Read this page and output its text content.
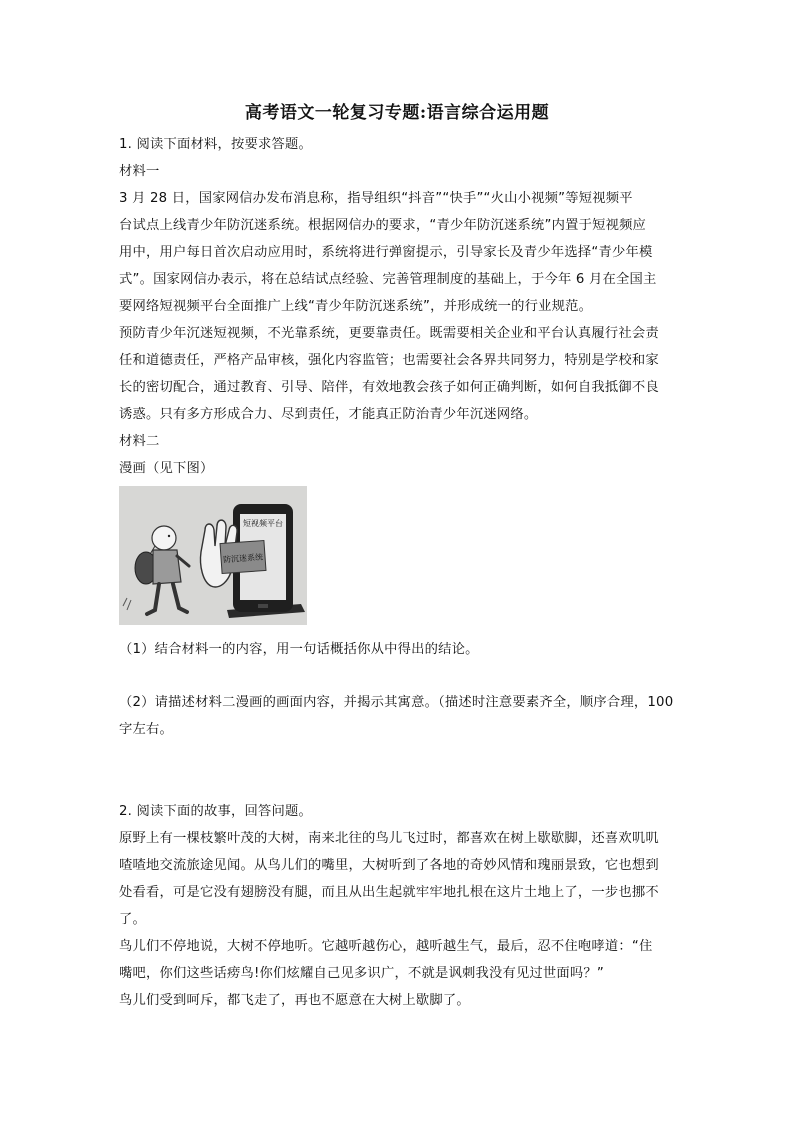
高考语文一轮复习专题:语言综合运用题
1. 阅读下面材料，按要求答题。
材料一
3 月 28 日，国家网信办发布消息称，指导组织“抖音”“快手”“火山小视频”等短视频平
台试点上线青少年防沉迷系统。根据网信办的要求，“青少年防沉迷系统”内置于短视频应
用中，用户每日首次启动应用时，系统将进行弹窗提示，引导家长及青少年选择“青少年模
式”。国家网信办表示，将在总结试点经验、完善管理制度的基础上，于今年 6 月在全国主
要网络短视频平台全面推广上线“青少年防沉迷系统”，并形成统一的行业规范。
预防青少年沉迷短视频，不光靠系统，更要靠责任。既需要相关企业和平台认真履行社会责
任和道德责任，严格产品审核，强化内容监管；也需要社会各界共同努力，特别是学校和家
长的密切配合，通过教育、引导、陪伴，有效地教会孩子如何正确判断，如何自我抵御不良
诱惑。只有多方形成合力、尽到责任，才能真正防治青少年沉迷网络。
材料二
漫画（见下图）
短视频平台
防沉迷系统
（1）结合材料一的内容，用一句话概括你从中得出的结论。
（2）请描述材料二漫画的画面内容，并揭示其寓意。（描述时注意要素齐全，顺序合理，100
字左右。
2. 阅读下面的故事，回答问题。
原野上有一棵枝繁叶茂的大树，南来北往的鸟儿飞过时，都喜欢在树上歇歇脚，还喜欢叽叽
喳喳地交流旅途见闻。从鸟儿们的嘴里，大树听到了各地的奇妙风情和瑰丽景致，它也想到
处看看，可是它没有翅膀没有腿，而且从出生起就牢牢地扎根在这片土地上了，一步也挪不
了。
鸟儿们不停地说，大树不停地听。它越听越伤心，越听越生气，最后，忍不住咆哮道：“住
嘴吧，你们这些话痨鸟!你们炫耀自己见多识广，不就是讽刺我没有见过世面吗？”
鸟儿们受到呵斥，都飞走了，再也不愿意在大树上歇脚了。
